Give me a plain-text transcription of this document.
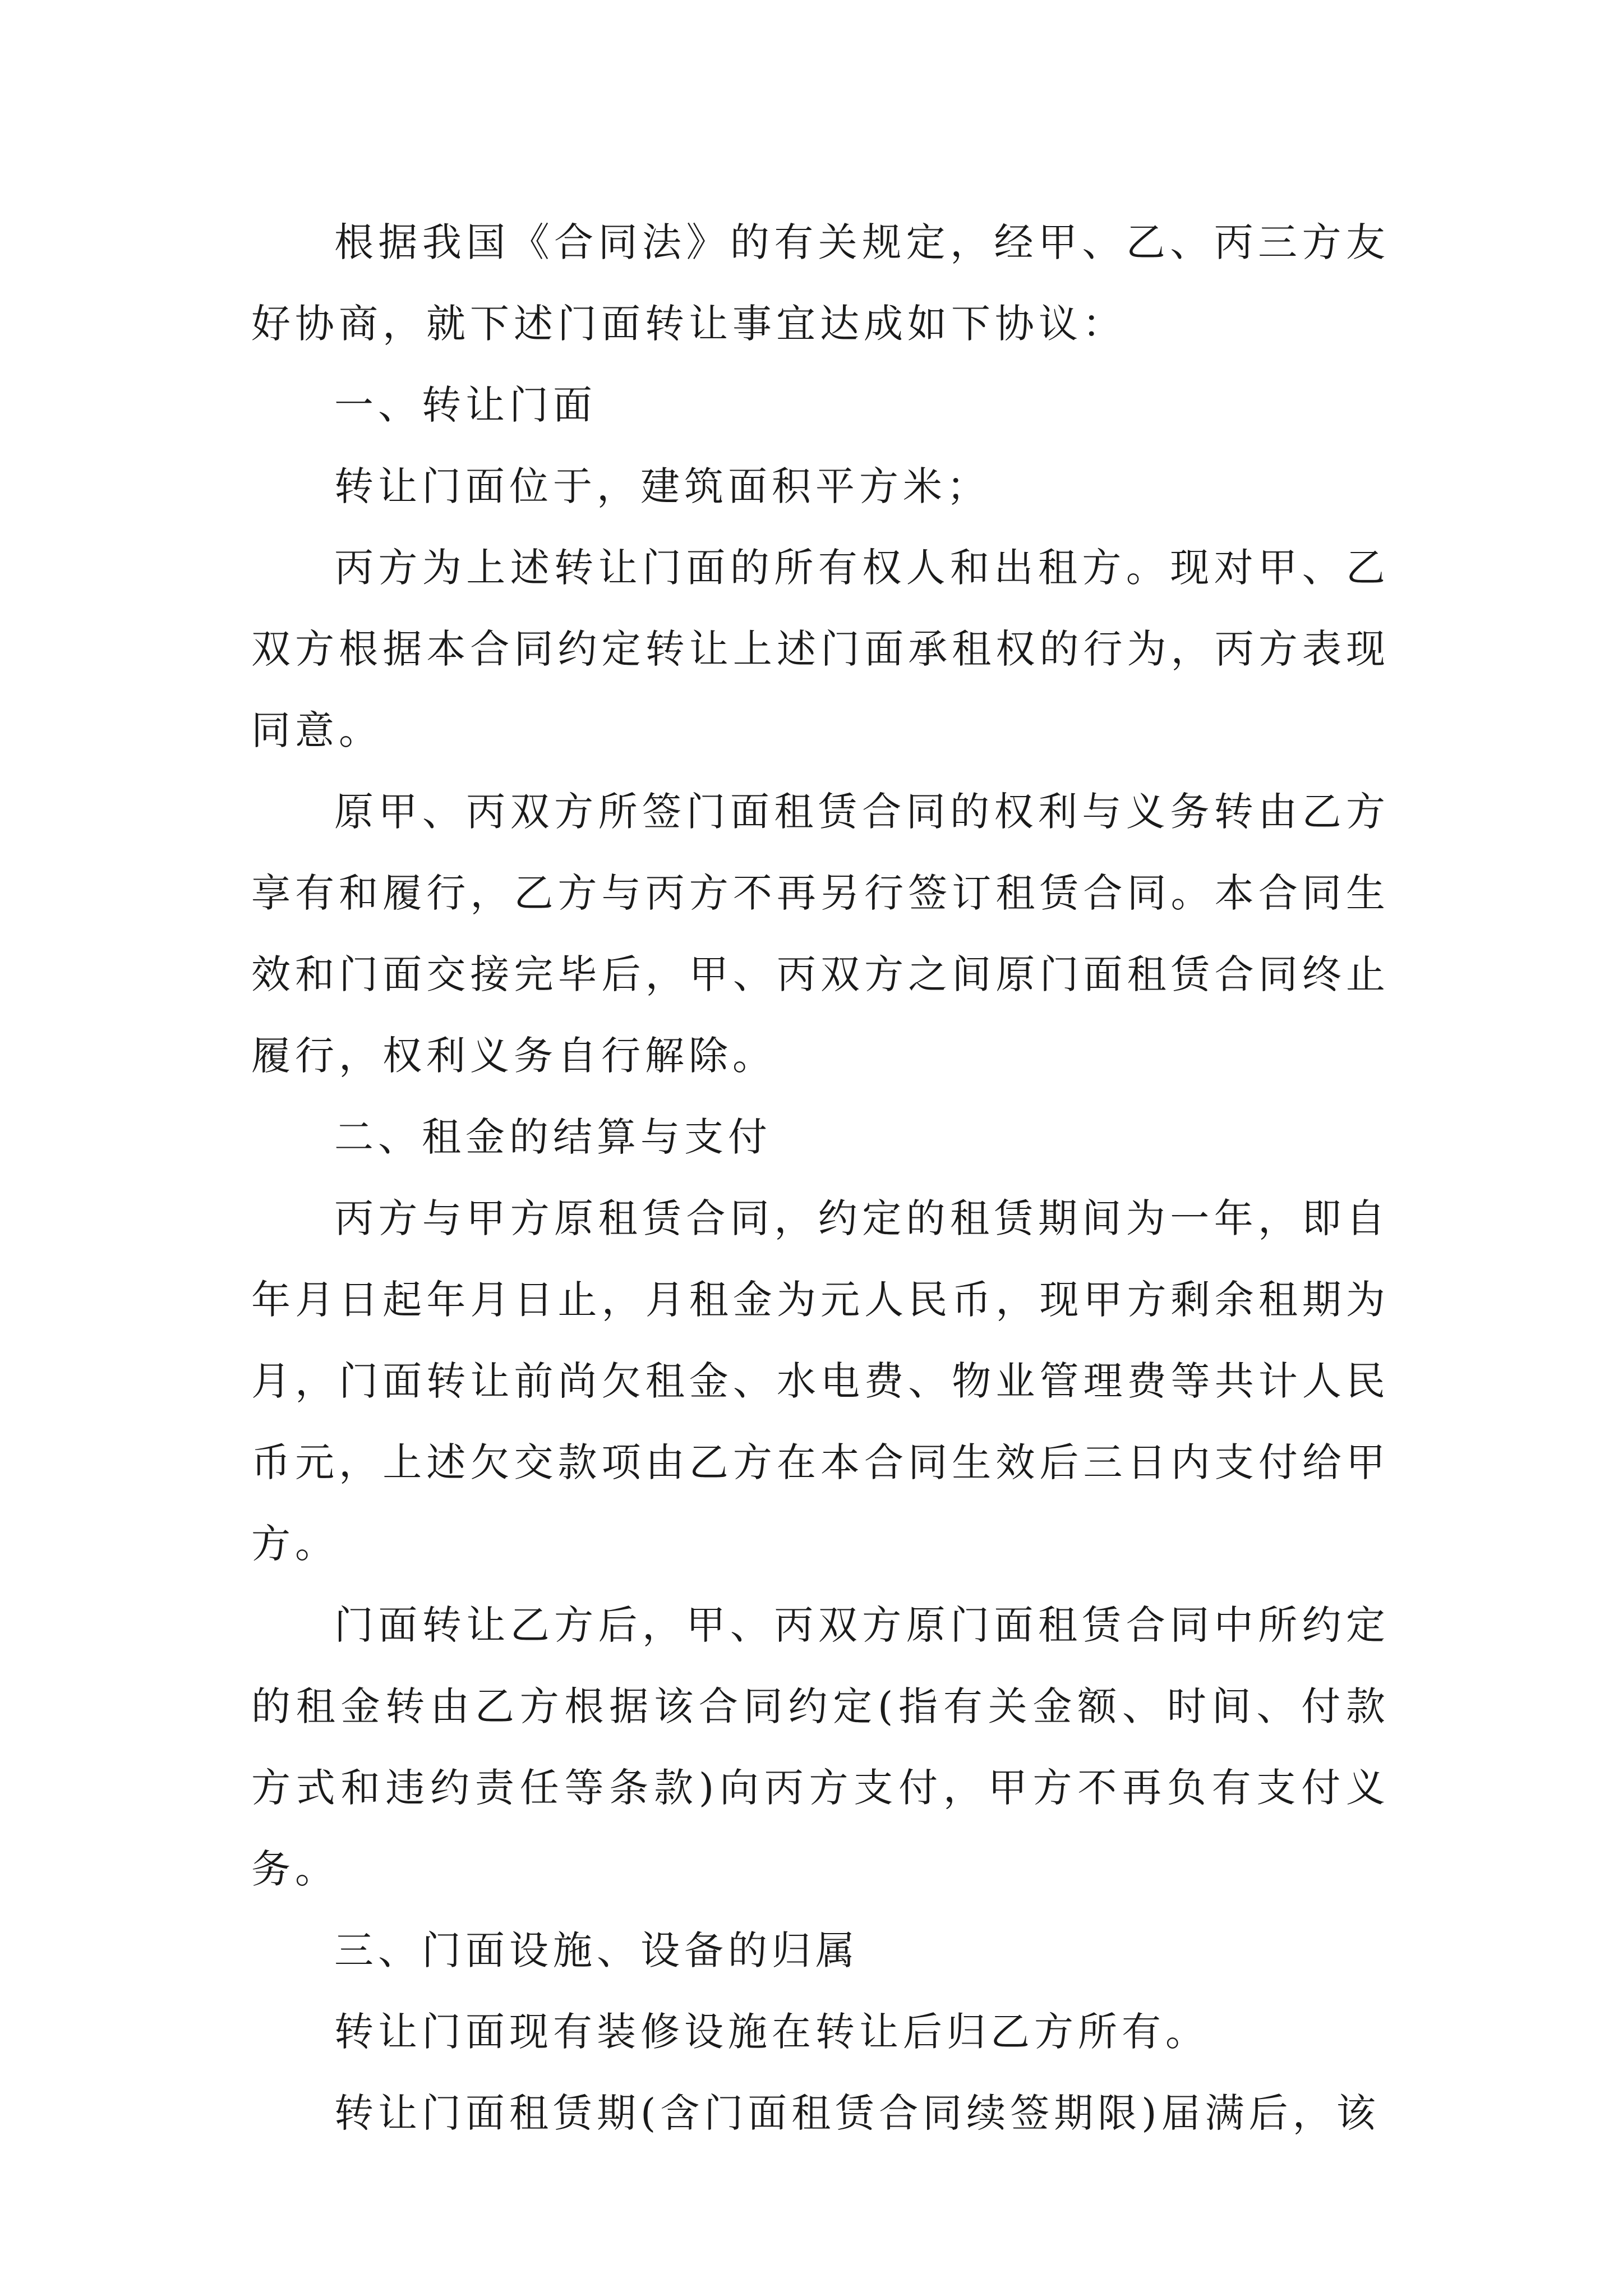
根据我国《合同法》的有关规定，经甲、乙、丙三方友好协商，就下述门面转让事宜达成如下协议：

一、转让门面

转让门面位于，建筑面积平方米；

丙方为上述转让门面的所有权人和出租方。现对甲、乙双方根据本合同约定转让上述门面承租权的行为，丙方表现同意。

原甲、丙双方所签门面租赁合同的权利与义务转由乙方享有和履行，乙方与丙方不再另行签订租赁合同。本合同生效和门面交接完毕后，甲、丙双方之间原门面租赁合同终止履行，权利义务自行解除。

二、租金的结算与支付

丙方与甲方原租赁合同，约定的租赁期间为一年，即自年月日起年月日止，月租金为元人民币，现甲方剩余租期为月，门面转让前尚欠租金、水电费、物业管理费等共计人民币元，上述欠交款项由乙方在本合同生效后三日内支付给甲方。

门面转让乙方后，甲、丙双方原门面租赁合同中所约定的租金转由乙方根据该合同约定(指有关金额、时间、付款方式和违约责任等条款)向丙方支付，甲方不再负有支付义务。

三、门面设施、设备的归属

转让门面现有装修设施在转让后归乙方所有。

转让门面租赁期(含门面租赁合同续签期限)届满后，该
